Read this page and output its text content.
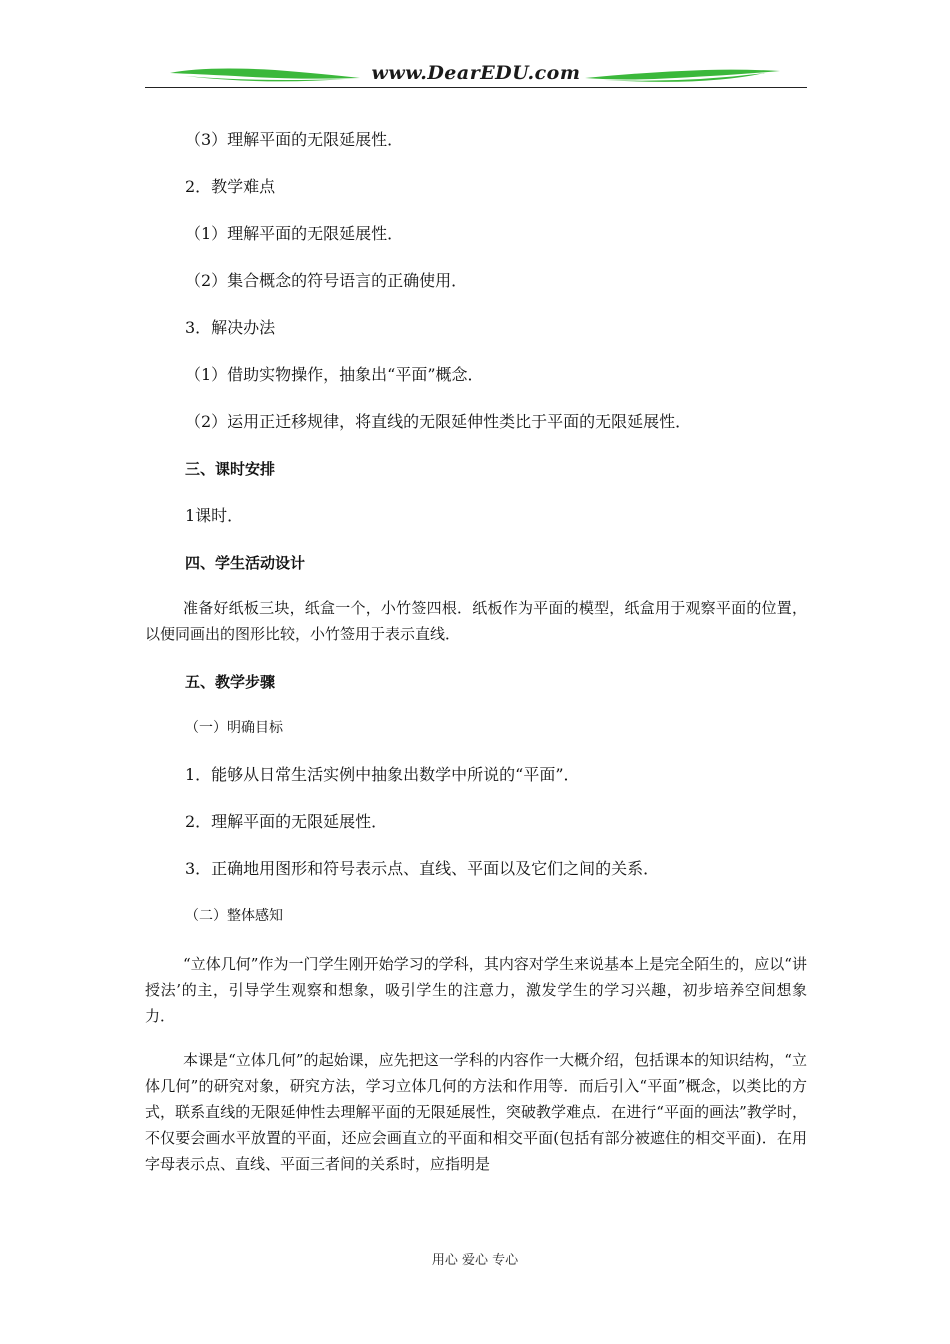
www.DearEDU.com
（3）理解平面的无限延展性．
2．教学难点
（1）理解平面的无限延展性．
（2）集合概念的符号语言的正确使用．
3．解决办法
（1）借助实物操作，抽象出“平面”概念．
（2）运用正迁移规律，将直线的无限延伸性类比于平面的无限延展性．
三、课时安排
1课时．
四、学生活动设计
准备好纸板三块，纸盒一个，小竹签四根．纸板作为平面的模型，纸盒用于观察平面的位置，以便同画出的图形比较，小竹签用于表示直线．
五、教学步骤
（一）明确目标
1．能够从日常生活实例中抽象出数学中所说的“平面”．
2．理解平面的无限延展性．
3．正确地用图形和符号表示点、直线、平面以及它们之间的关系．
（二）整体感知
“立体几何”作为一门学生刚开始学习的学科，其内容对学生来说基本上是完全陌生的，应以“讲授法’的主，引导学生观察和想象，吸引学生的注意力，激发学生的学习兴趣，初步培养空间想象力．
本课是“立体几何”的起始课，应先把这一学科的内容作一大概介绍，包括课本的知识结构，“立体几何”的研究对象，研究方法，学习立体几何的方法和作用等．而后引入“平面”概念，以类比的方式，联系直线的无限延伸性去理解平面的无限延展性，突破教学难点．在进行“平面的画法”教学时，不仅要会画水平放置的平面，还应会画直立的平面和相交平面(包括有部分被遮住的相交平面)．在用字母表示点、直线、平面三者间的关系时，应指明是
用心 爱心 专心
